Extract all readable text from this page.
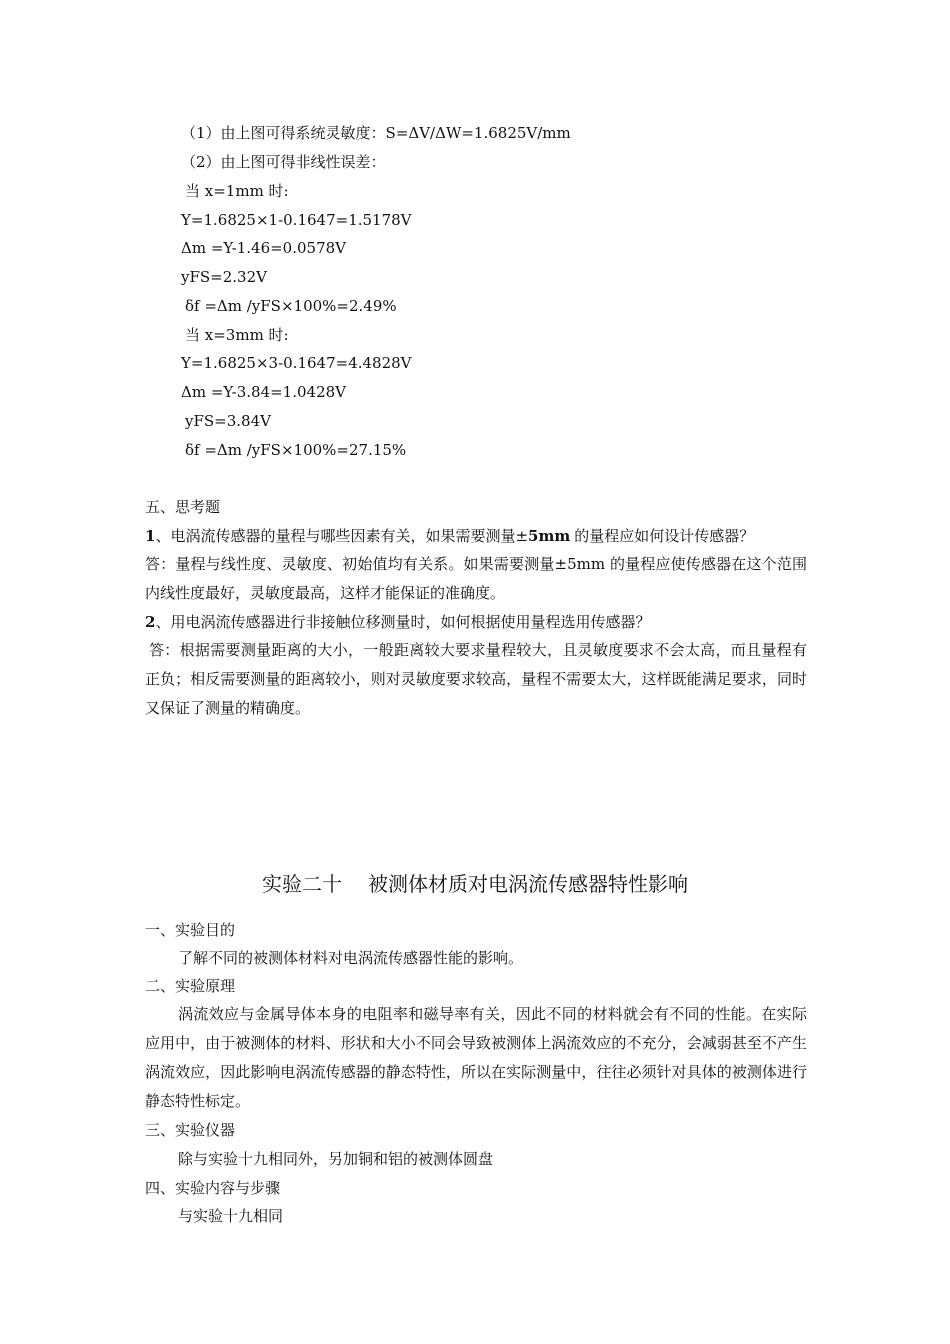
（1）由上图可得系统灵敏度：S=ΔV/ΔW=1.6825V/mm
（2）由上图可得非线性误差：
当 x=1mm 时:
Y=1.6825×1-0.1647=1.5178V
Δm =Y-1.46=0.0578V
yFS=2.32V
δf =Δm /yFS×100%=2.49%
当 x=3mm 时:
Y=1.6825×3-0.1647=4.4828V
Δm =Y-3.84=1.0428V
yFS=3.84V
δf =Δm /yFS×100%=27.15%
五、思考题
1、电涡流传感器的量程与哪些因素有关，如果需要测量±5mm 的量程应如何设计传感器？
答：量程与线性度、灵敏度、初始值均有关系。如果需要测量±5mm 的量程应使传感器在这个范围内线性度最好，灵敏度最高，这样才能保证的准确度。
2、用电涡流传感器进行非接触位移测量时，如何根据使用量程选用传感器？
答：根据需要测量距离的大小，一般距离较大要求量程较大，且灵敏度要求不会太高，而且量程有正负；相反需要测量的距离较小，则对灵敏度要求较高，量程不需要太大，这样既能满足要求，同时又保证了测量的精确度。
实验二十 被测体材质对电涡流传感器特性影响
一、实验目的
了解不同的被测体材料对电涡流传感器性能的影响。
二、实验原理
涡流效应与金属导体本身的电阻率和磁导率有关，因此不同的材料就会有不同的性能。在实际应用中，由于被测体的材料、形状和大小不同会导致被测体上涡流效应的不充分，会减弱甚至不产生涡流效应，因此影响电涡流传感器的静态特性，所以在实际测量中，往往必须针对具体的被测体进行静态特性标定。
三、实验仪器
除与实验十九相同外，另加铜和铝的被测体圆盘
四、实验内容与步骤
与实验十九相同
